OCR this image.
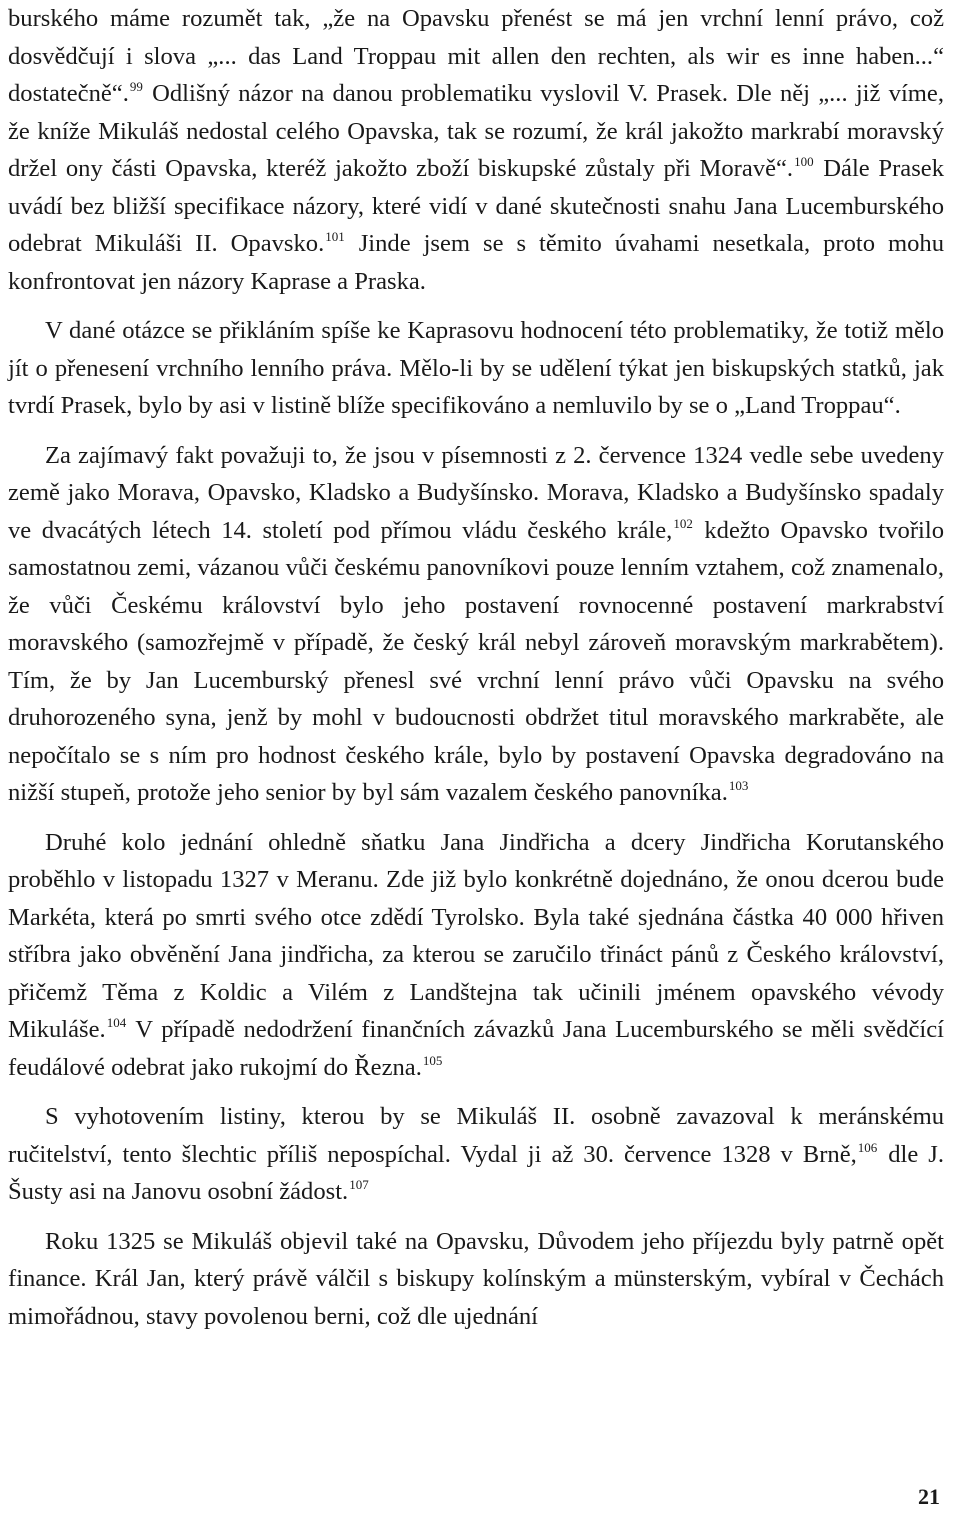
burského máme rozumět tak, „že na Opavsku přenést se má jen vrchní lenní právo, což dosvědčují i slova „... das Land Troppau mit allen den rechten, als wir es inne haben...“ dostatečně“.$^{99}$ Odlišný názor na danou problematiku vyslovil V. Prasek. Dle něj „... již víme, že kníže Mikuláš nedostal celého Opavska, tak se rozumí, že král jakožto markrabí moravský držel ony části Opavska, kteréž jakožto zboží biskupské zůstaly při Moravě“.$^{100}$ Dále Prasek uvádí bez bližší specifikace názory, které vidí v dané skutečnosti snahu Jana Lucemburského odebrat Mikuláši II. Opavsko.$^{101}$ Jinde jsem se s těmito úvahami nesetkala, proto mohu konfrontovat jen názory Kaprase a Praska.

V dané otázce se přikláním spíše ke Kaprasovu hodnocení této problematiky, že totiž mělo jít o přenesení vrchního lenního práva. Mělo-li by se udělení týkat jen biskupských statků, jak tvrdí Prasek, bylo by asi v listině blíže specifikováno a nemluvilo by se o „Land Troppau“.

Za zajímavý fakt považuji to, že jsou v písemnosti z 2. července 1324 vedle sebe uvedeny země jako Morava, Opavsko, Kladsko a Budyšínsko. Morava, Kladsko a Budyšínsko spadaly ve dvacátých létech 14. století pod přímou vládu českého krále,$^{102}$ kdežto Opavsko tvořilo samostatnou zemi, vázanou vůči českému panovníkovi pouze lenním vztahem, což znamenalo, že vůči Českému království bylo jeho postavení rovnocenné postavení markrabství moravského (samozřejmě v případě, že český král nebyl zároveň moravským markrabětem). Tím, že by Jan Lucemburský přenesl své vrchní lenní právo vůči Opavsku na svého druhorozeného syna, jenž by mohl v budoucnosti obdržet titul moravského markraběte, ale nepočítalo se s ním pro hodnost českého krále, bylo by postavení Opavska degradováno na nižší stupeň, protože jeho senior by byl sám vazalem českého panovníka.$^{103}$

Druhé kolo jednání ohledně sňatku Jana Jindřicha a dcery Jindřicha Korutanského proběhlo v listopadu 1327 v Meranu. Zde již bylo konkrétně dojednáno, že onou dcerou bude Markéta, která po smrti svého otce zdědí Tyrolsko. Byla také sjednána částka 40 000 hřiven stříbra jako obvěnění Jana jindřicha, za kterou se zaručilo třináct pánů z Českého království, přičemž Těma z Koldic a Vilém z Landštejna tak učinili jménem opavského vévody Mikuláše.$^{104}$ V případě nedodržení finančních závazků Jana Lucemburského se měli svědčící feudálové odebrat jako rukojmí do Řezna.$^{105}$

S vyhotovením listiny, kterou by se Mikuláš II. osobně zavazoval k meránskému ručitelství, tento šlechtic příliš nepospíchal. Vydal ji až 30. července 1328 v Brně,$^{106}$ dle J. Šusty asi na Janovu osobní žádost.$^{107}$

Roku 1325 se Mikuláš objevil také na Opavsku, Důvodem jeho příjezdu byly patrně opět finance. Král Jan, který právě válčil s biskupy kolínským a münsterským, vybíral v Čechách mimořádnou, stavy povolenou berni, což dle ujednání

21
